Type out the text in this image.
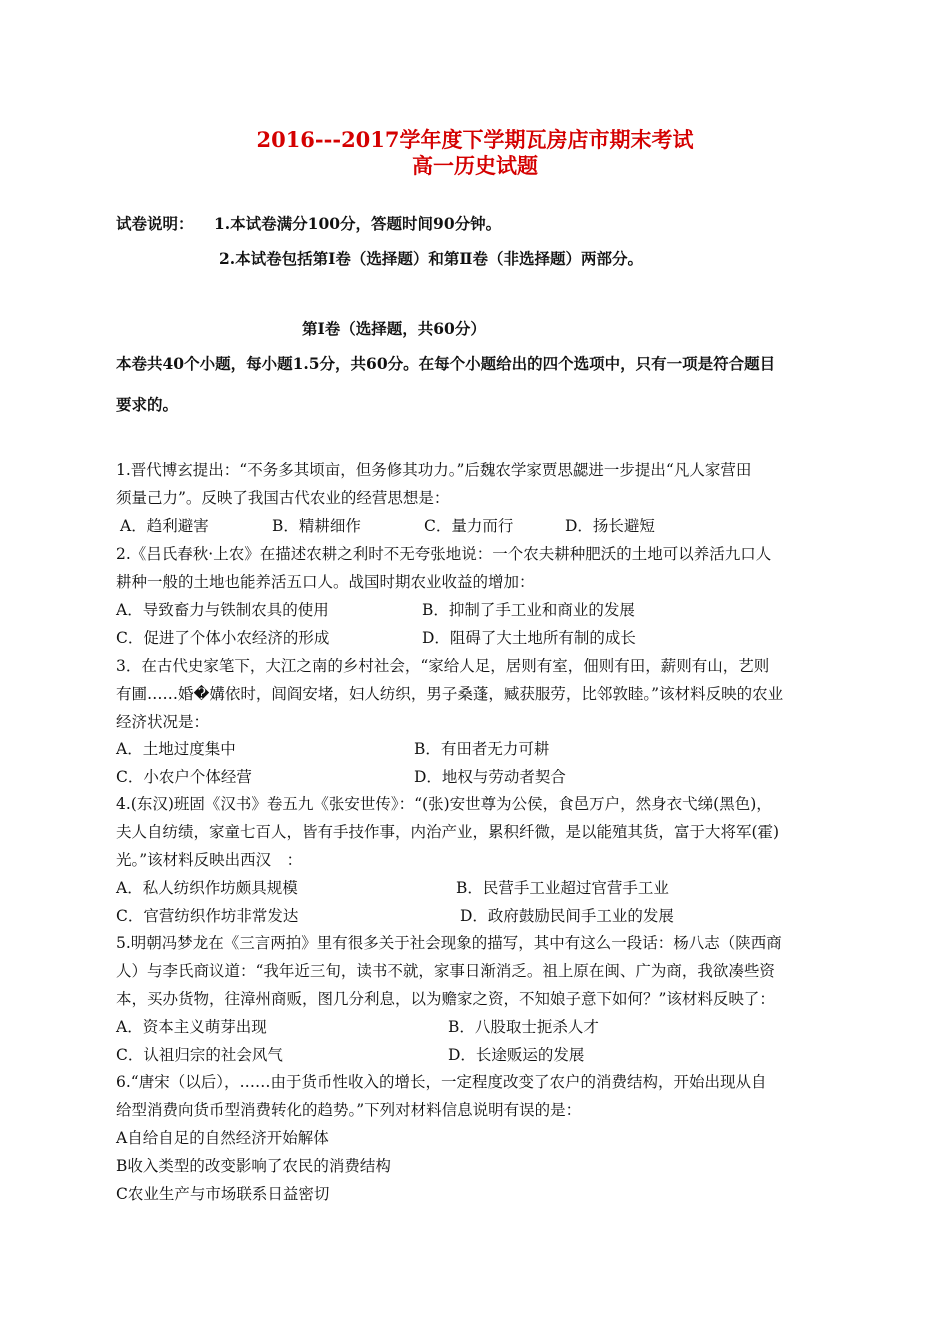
2016---2017学年度下学期瓦房店市期末考试
高一历史试题
试卷说明： 1.本试卷满分100分，答题时间90分钟。
2.本试卷包括第Ⅰ卷（选择题）和第Ⅱ卷（非选择题）两部分。
第Ⅰ卷（选择题，共60分）
本卷共40个小题，每小题1.5分，共60分。在每个小题给出的四个选项中，只有一项是符合题目
要求的。
1.晋代博玄提出：“不务多其顷亩，但务修其功力。”后魏农学家贾思勰进一步提出“凡人家营田
须量己力”。反映了我国古代农业的经营思想是：
A．趋利避害	B．精耕细作	C．量力而行	D．扬长避短
2.《吕氏春秋·上农》在描述农耕之利时不无夸张地说：一个农夫耕种肥沃的土地可以养活九口人
耕种一般的土地也能养活五口人。战国时期农业收益的增加：
A．导致畜力与铁制农具的使用	B．抑制了手工业和商业的发展
C．促进了个体小农经济的形成	D．阻碍了大土地所有制的成长
3．在古代史家笔下，大江之南的乡村社会，“家给人足，居则有室，佃则有田，薪则有山，艺则
有圃……婚�媾依时，闾阎安堵，妇人纺织，男子桑蓬，臧获服劳，比邻敦睦。”该材料反映的农业
经济状况是：
A．土地过度集中	B．有田者无力可耕
C．小农户个体经营	D．地权与劳动者契合
4.(东汉)班固《汉书》卷五九《张安世传》：“(张)安世尊为公侯，食邑万户，然身衣弋绨(黑色)，
夫人自纺绩，家童七百人，皆有手技作事，内治产业，累积纤微，是以能殖其货，富于大将军(霍)
光。”该材料反映出西汉　：
A．私人纺织作坊颇具规模	B．民营手工业超过官营手工业
C．官营纺织作坊非常发达	D．政府鼓励民间手工业的发展
5.明朝冯梦龙在《三言两拍》里有很多关于社会现象的描写，其中有这么一段话：杨八志（陕西商
人）与李氏商议道：“我年近三旬，读书不就，家事日渐消乏。祖上原在闽、广为商，我欲凑些资
本，买办货物，往漳州商贩，图几分利息，以为赡家之资，不知娘子意下如何？”该材料反映了：
A．资本主义萌芽出现	B．八股取士扼杀人才
C．认祖归宗的社会风气	D．长途贩运的发展
6.“唐宋（以后），……由于货币性收入的增长，一定程度改变了农户的消费结构，开始出现从自
给型消费向货币型消费转化的趋势。”下列对材料信息说明有误的是：
A自给自足的自然经济开始解体
B收入类型的改变影响了农民的消费结构
C农业生产与市场联系日益密切
